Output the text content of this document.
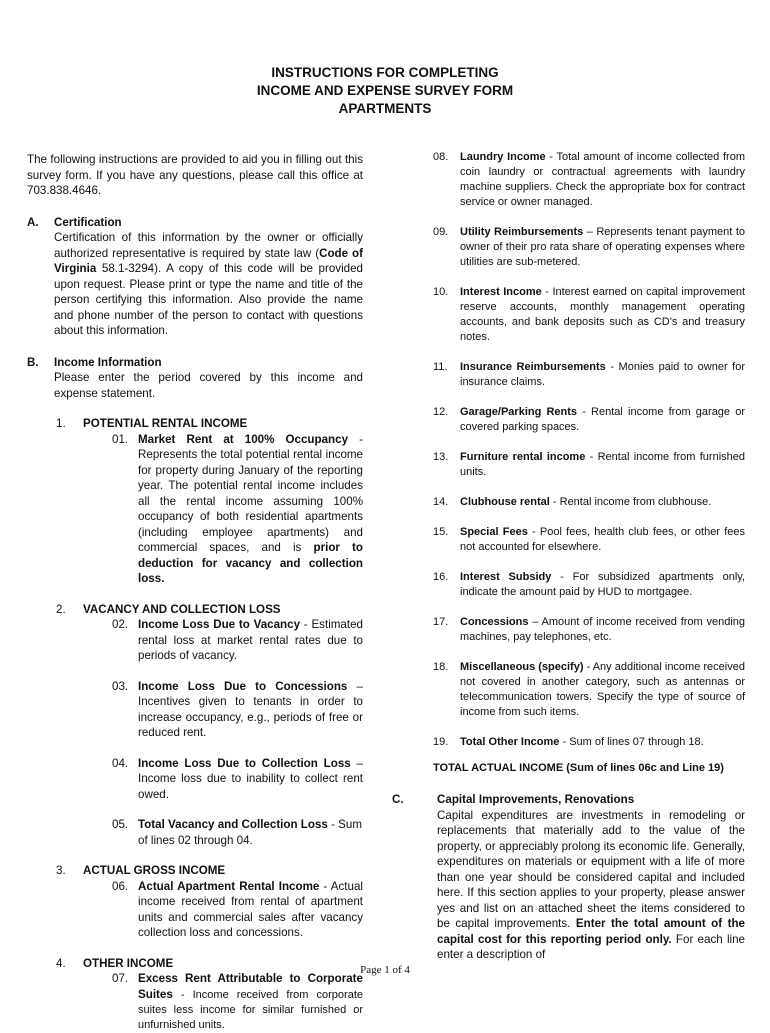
INSTRUCTIONS FOR COMPLETING
INCOME AND EXPENSE SURVEY FORM
APARTMENTS

The following instructions are provided to aid you in filling out this survey form. If you have any questions, please call this office at 703.838.4646.

A.	Certification

Certification of this information by the owner or officially authorized representative is required by state law (Code of Virginia 58.1-3294). A copy of this code will be provided upon request. Please print or type the name and title of the person certifying this information. Also provide the name and phone number of the person to contact with questions about this information.

B.	Income Information

Please enter the period covered by this income and expense statement.

1.	POTENTIAL RENTAL INCOME
01. Market Rent at 100% Occupancy - Represents the total potential rental income for property during January of the reporting year. The potential rental income includes all the rental income assuming 100% occupancy of both residential apartments (including employee apartments) and commercial spaces, and is prior to deduction for vacancy and collection loss.

2.	VACANCY AND COLLECTION LOSS
02. Income Loss Due to Vacancy - Estimated rental loss at market rental rates due to periods of vacancy.

03. Income Loss Due to Concessions – Incentives given to tenants in order to increase occupancy, e.g., periods of free or reduced rent.

04. Income Loss Due to Collection Loss – Income loss due to inability to collect rent owed.

05. Total Vacancy and Collection Loss - Sum of lines 02 through 04.

3.	ACTUAL GROSS INCOME
06. Actual Apartment Rental Income - Actual income received from rental of apartment units and commercial sales after vacancy collection loss and concessions.

4.	OTHER INCOME
07. Excess Rent Attributable to Corporate Suites - Income received from corporate suites less income for similar furnished or unfurnished units.

08.	Laundry Income - Total amount of income collected from coin laundry or contractual agreements with laundry machine suppliers. Check the appropriate box for contract service or owner managed.

09.	Utility Reimbursements – Represents tenant payment to owner of their pro rata share of operating expenses where utilities are sub-metered.

10.	Interest Income - Interest earned on capital improvement reserve accounts, monthly management operating accounts, and bank deposits such as CD's and treasury notes.

11.	Insurance Reimbursements - Monies paid to owner for insurance claims.

12.	Garage/Parking Rents - Rental income from garage or covered parking spaces.

13.	Furniture rental income - Rental income from furnished units.

14.	Clubhouse rental - Rental income from clubhouse.

15.	Special Fees - Pool fees, health club fees, or other fees not accounted for elsewhere.

16.	Interest Subsidy - For subsidized apartments only, indicate the amount paid by HUD to mortgagee.

17.	Concessions – Amount of income received from vending machines, pay telephones, etc.

18.	Miscellaneous (specify) - Any additional income received not covered in another category, such as antennas or telecommunication towers. Specify the type of source of income from such items.

19.	Total Other Income - Sum of lines 07 through 18.

TOTAL ACTUAL INCOME (Sum of lines 06c and Line 19)
C.	Capital Improvements, Renovations

Capital expenditures are investments in remodeling or replacements that materially add to the value of the property, or appreciably prolong its economic life. Generally, expenditures on materials or equipment with a life of more than one year should be considered capital and included here. If this section applies to your property, please answer yes and list on an attached sheet the items considered to be capital improvements. Enter the total amount of the capital cost for this reporting period only. For each line enter a description of

Page 1 of 4
